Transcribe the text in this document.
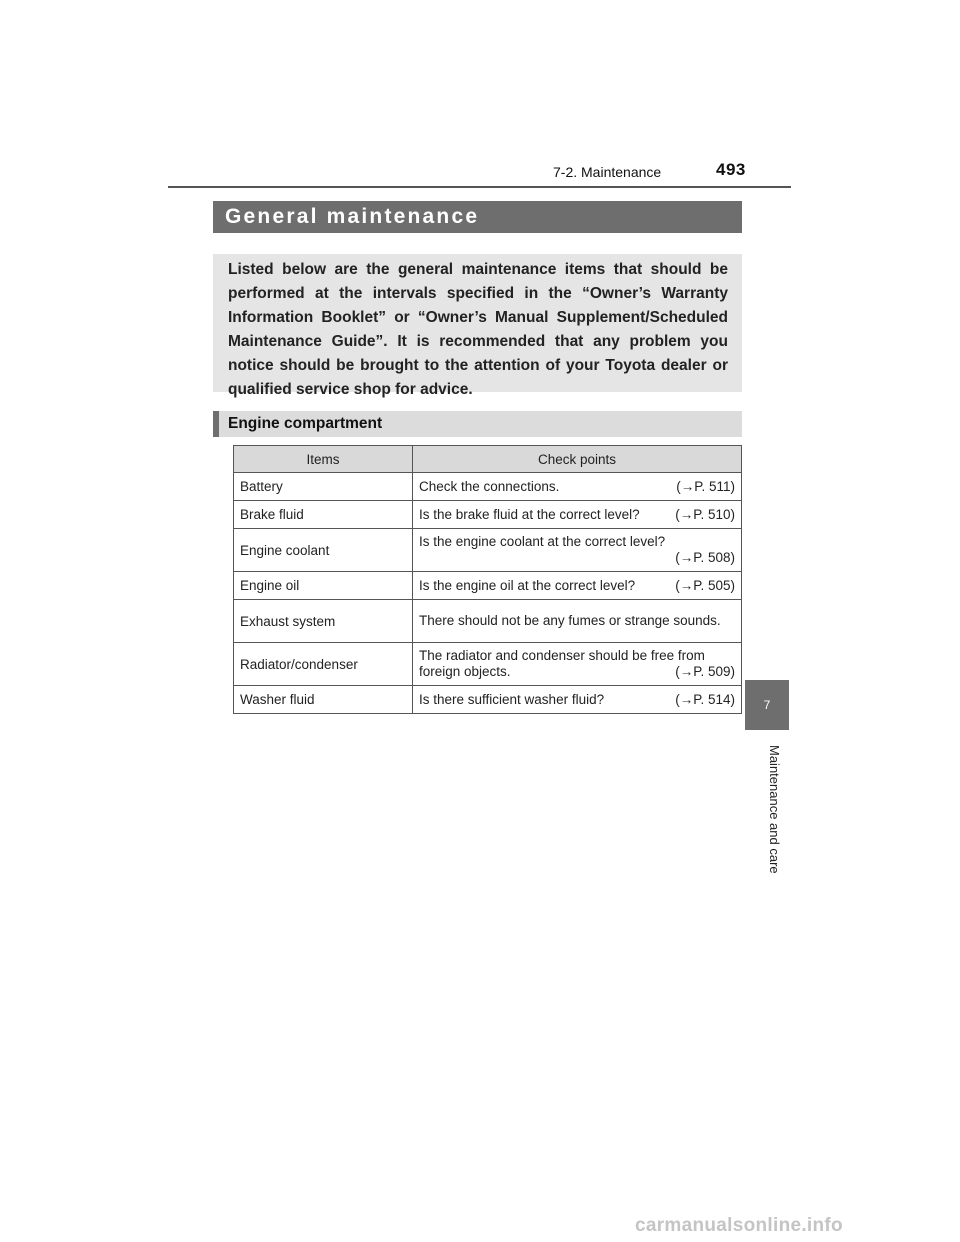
7-2. Maintenance	493
General maintenance
Listed below are the general maintenance items that should be performed at the intervals specified in the “Owner’s Warranty Information Booklet” or “Owner’s Manual Supplement/Scheduled Maintenance Guide”. It is recommended that any problem you notice should be brought to the attention of your Toyota dealer or qualified service shop for advice.
Engine compartment
Items	Check points
Battery	Check the connections. (→P. 511)

Brake fluid	Is the brake fluid at the correct level? (→P. 510)

Engine coolant	Is the engine coolant at the correct level?
(→P. 508)

Engine oil	Is the engine oil at the correct level? (→P. 505)

Exhaust system	There should not be any fumes or strange sounds.

Radiator/condenser	The radiator and condenser should be free from
foreign objects. (→P. 509)

Washer fluid	Is there sufficient washer fluid? (→P. 514) 7
Maintenance and care
carmanualsonline.info
